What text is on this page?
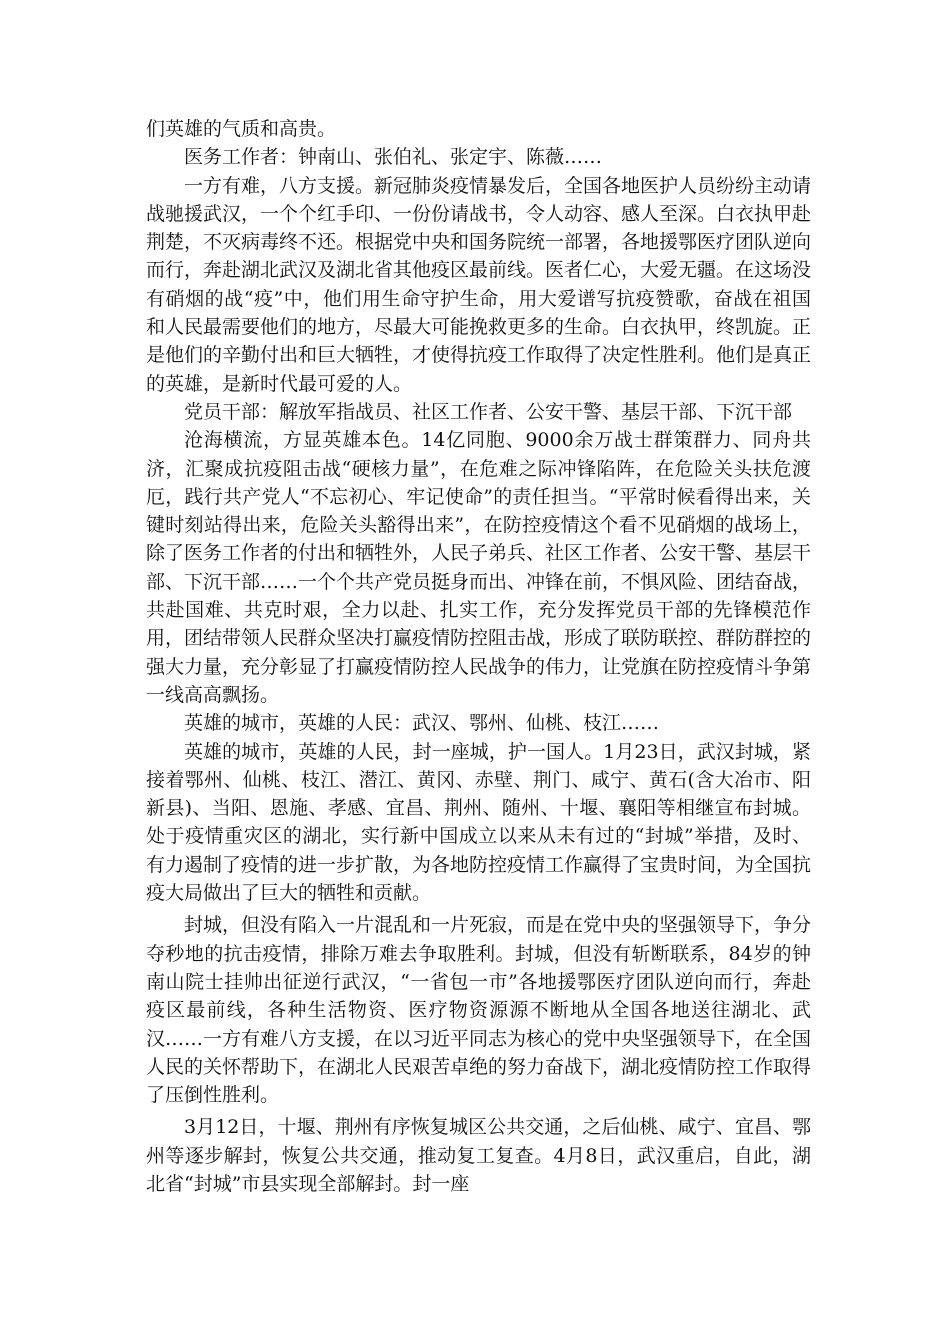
们英雄的气质和高贵。

医务工作者：钟南山、张伯礼、张定宇、陈薇……

一方有难，八方支援。新冠肺炎疫情暴发后，全国各地医护人员纷纷主动请战驰援武汉，一个个红手印、一份份请战书，令人动容、感人至深。白衣执甲赴荆楚，不灭病毒终不还。根据党中央和国务院统一部署，各地援鄂医疗团队逆向而行，奔赴湖北武汉及湖北省其他疫区最前线。医者仁心，大爱无疆。在这场没有硝烟的战“疫”中，他们用生命守护生命，用大爱谱写抗疫赞歌，奋战在祖国和人民最需要他们的地方，尽最大可能挽救更多的生命。白衣执甲，终凯旋。正是他们的辛勤付出和巨大牺牲，才使得抗疫工作取得了决定性胜利。他们是真正的英雄，是新时代最可爱的人。

党员干部：解放军指战员、社区工作者、公安干警、基层干部、下沉干部

沧海横流，方显英雄本色。14亿同胞、9000余万战士群策群力、同舟共济，汇聚成抗疫阻击战“硬核力量”，在危难之际冲锋陷阵，在危险关头扶危渡厄，践行共产党人“不忘初心、牢记使命”的责任担当。“平常时候看得出来，关键时刻站得出来，危险关头豁得出来”，在防控疫情这个看不见硝烟的战场上，除了医务工作者的付出和牺牲外，人民子弟兵、社区工作者、公安干警、基层干部、下沉干部……一个个共产党员挺身而出、冲锋在前，不惧风险、团结奋战，共赴国难、共克时艰，全力以赴、扎实工作，充分发挥党员干部的先锋模范作用，团结带领人民群众坚决打赢疫情防控阻击战，形成了联防联控、群防群控的强大力量，充分彰显了打赢疫情防控人民战争的伟力，让党旗在防控疫情斗争第一线高高飘扬。

英雄的城市，英雄的人民：武汉、鄂州、仙桃、枝江……

英雄的城市，英雄的人民，封一座城，护一国人。1月23日，武汉封城，紧接着鄂州、仙桃、枝江、潜江、黄冈、赤壁、荆门、咸宁、黄石(含大冶市、阳新县)、当阳、恩施、孝感、宜昌、荆州、随州、十堰、襄阳等相继宣布封城。处于疫情重灾区的湖北，实行新中国成立以来从未有过的“封城”举措，及时、有力遏制了疫情的进一步扩散，为各地防控疫情工作赢得了宝贵时间，为全国抗疫大局做出了巨大的牺牲和贡献。

封城，但没有陷入一片混乱和一片死寂，而是在党中央的坚强领导下，争分夺秒地的抗击疫情，排除万难去争取胜利。封城，但没有斩断联系，84岁的钟南山院士挂帅出征逆行武汉，“一省包一市”各地援鄂医疗团队逆向而行，奔赴疫区最前线，各种生活物资、医疗物资源源不断地从全国各地送往湖北、武汉……一方有难八方支援，在以习近平同志为核心的党中央坚强领导下，在全国人民的关怀帮助下，在湖北人民艰苦卓绝的努力奋战下，湖北疫情防控工作取得了压倒性胜利。

3月12日，十堰、荆州有序恢复城区公共交通，之后仙桃、咸宁、宜昌、鄂州等逐步解封，恢复公共交通，推动复工复查。4月8日，武汉重启，自此，湖北省“封城”市县实现全部解封。封一座
